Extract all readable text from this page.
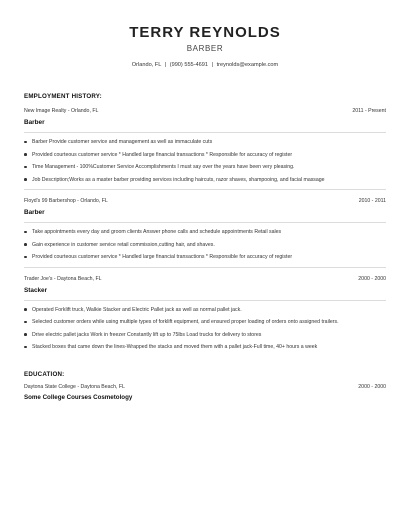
TERRY REYNOLDS
BARBER
Orlando, FL | (990) 555-4691 | treynolds@example.com
EMPLOYMENT HISTORY:
New Image Realty - Orlando, FL	2011 - Present
Barber
Barber Provide customer service and management as well as immaculate cuts
Provided courteous customer service * Handled large financial transactions * Responsible for accuracy of register
Time Management - 100%Customer Service Accomplishments I must say over the years have been very pleasing.
Job Description;Works as a master barber providing services including haircuts, razor shaves, shampooing, and facial massage
Floyd's 99 Barbershop - Orlando, FL	2010 - 2011
Barber
Take appointments every day and groom clients Answer phone calls and schedule appointments Retail sales
Gain experience in customer service retail commission,cutting hair, and shaves.
Provided courteous customer service * Handled large financial transactions * Responsible for accuracy of register
Trader Joe's - Daytona Beach, FL	2000 - 2000
Stacker
Operated Forklift truck, Walkie Stacker and Electric Pallet jack as well as normal pallet jack.
Selected customer orders while using multiple types of forklift equipment, and ensured proper loading of orders onto assigned trailers.
Drive electric pallet jacks Work in freezer Constantly lift up to 75lbs Load trucks for delivery to stores
Stacked boxes that came down the lines-Wrapped the stacks and moved them with a pallet jack-Full time, 40+ hours a week
EDUCATION:
Daytona State College - Daytona Beach, FL	2000 - 2000
Some College Courses Cosmetology
